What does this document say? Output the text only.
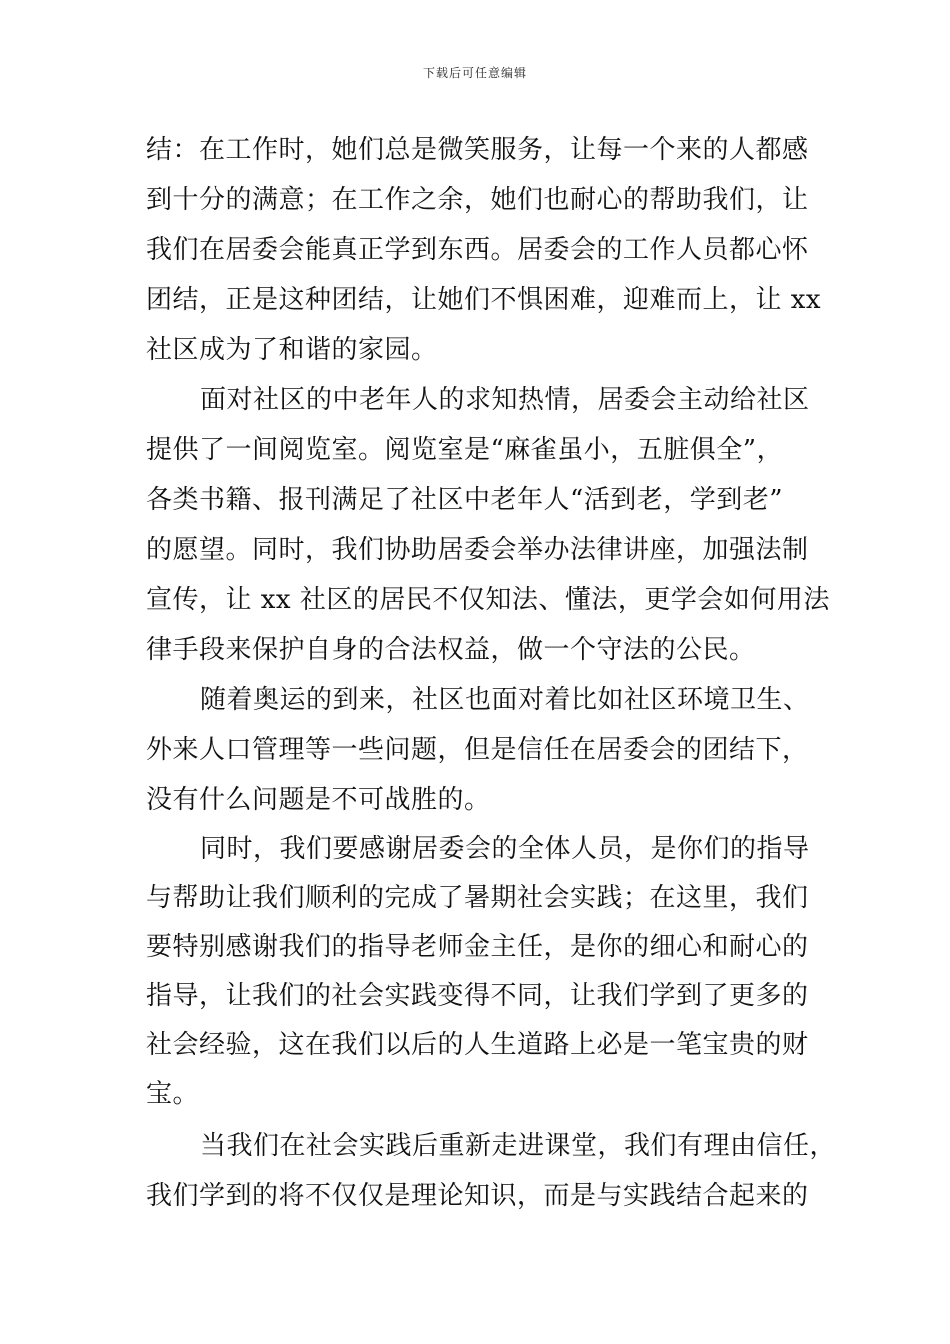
下载后可任意编辑
结：在工作时，她们总是微笑服务，让每一个来的人都感
到十分的满意；在工作之余，她们也耐心的帮助我们，让
我们在居委会能真正学到东西。居委会的工作人员都心怀
团结，正是这种团结，让她们不惧困难，迎难而上，让 xx
社区成为了和谐的家园。
面对社区的中老年人的求知热情，居委会主动给社区
提供了一间阅览室。阅览室是“麻雀虽小，五脏俱全”，
各类书籍、报刊满足了社区中老年人“活到老，学到老”
的愿望。同时，我们协助居委会举办法律讲座，加强法制
宣传，让 xx 社区的居民不仅知法、懂法，更学会如何用法
律手段来保护自身的合法权益，做一个守法的公民。
随着奥运的到来，社区也面对着比如社区环境卫生、
外来人口管理等一些问题，但是信任在居委会的团结下，
没有什么问题是不可战胜的。
同时，我们要感谢居委会的全体人员，是你们的指导
与帮助让我们顺利的完成了暑期社会实践；在这里，我们
要特别感谢我们的指导老师金主任，是你的细心和耐心的
指导，让我们的社会实践变得不同，让我们学到了更多的
社会经验，这在我们以后的人生道路上必是一笔宝贵的财
宝。
当我们在社会实践后重新走进课堂，我们有理由信任，
我们学到的将不仅仅是理论知识，而是与实践结合起来的
